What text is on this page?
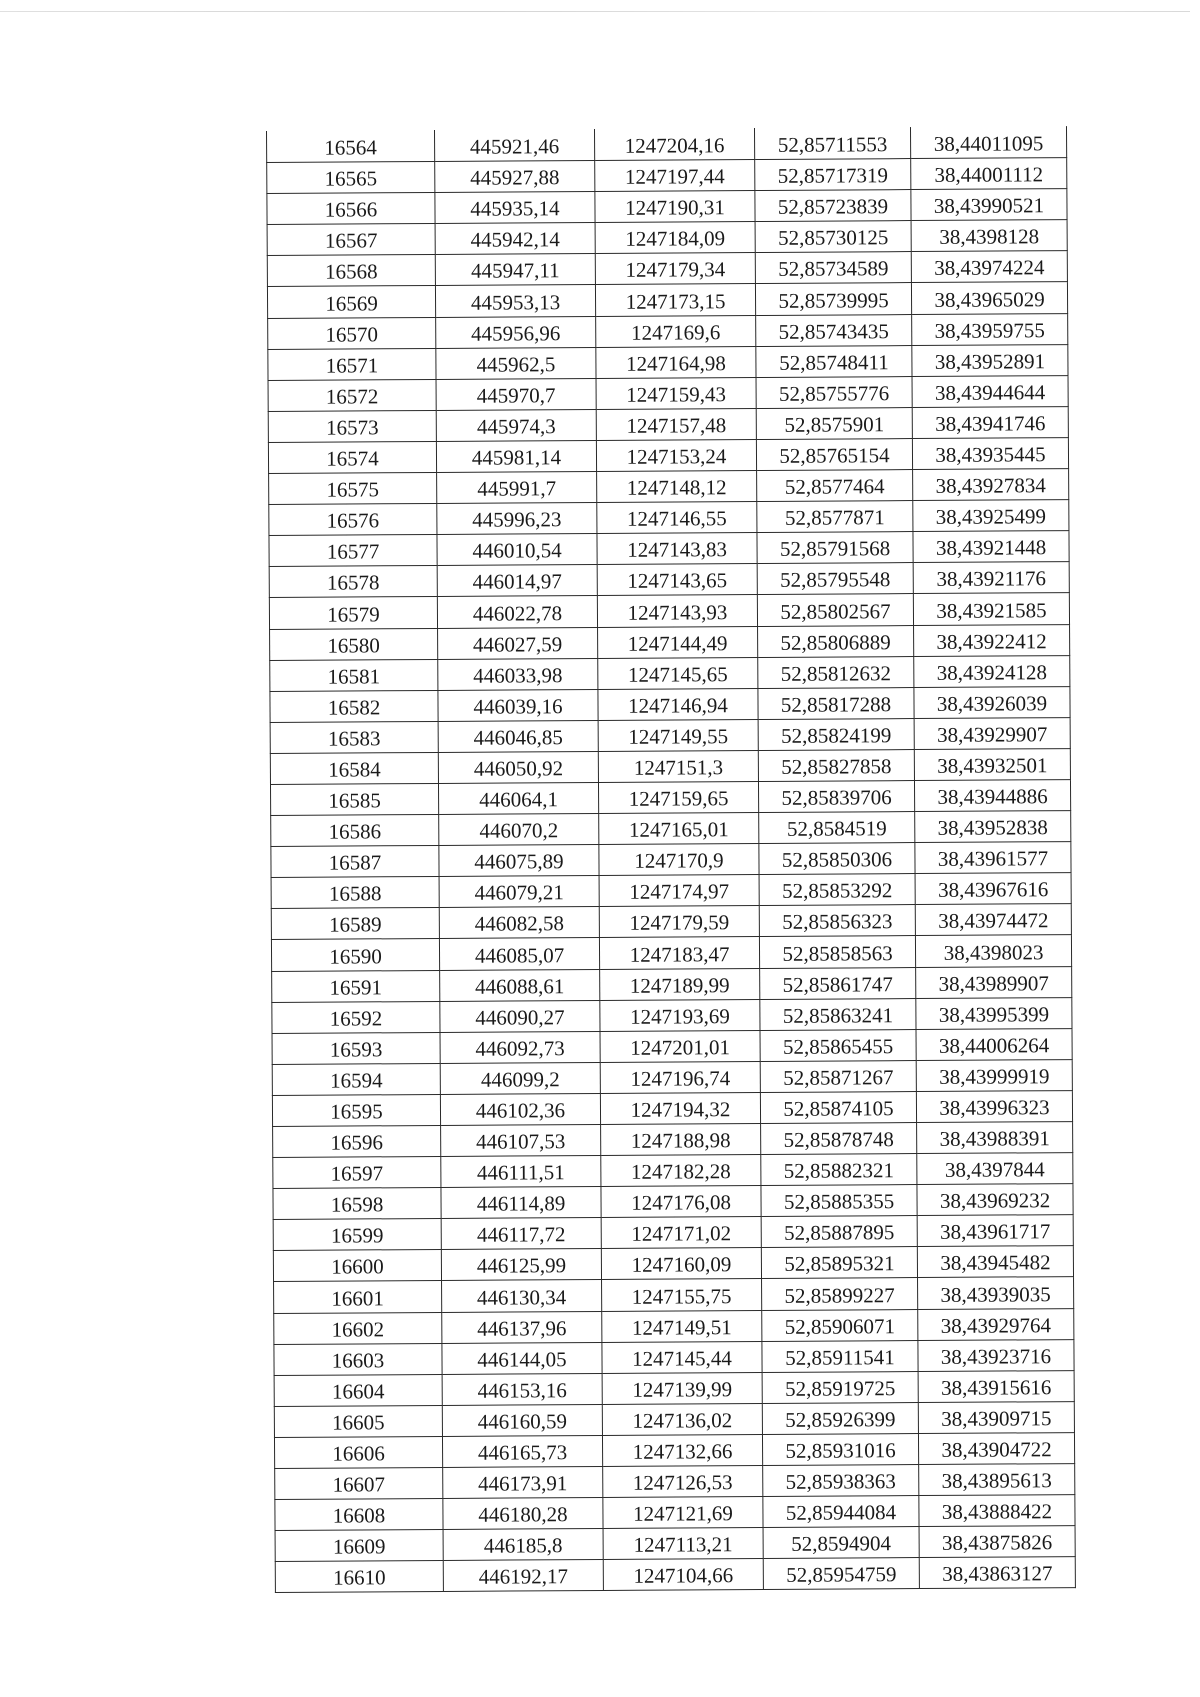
16564	445921,46	1247204,16	52,85711553	38,44011095
16565	445927,88	1247197,44	52,85717319	38,44001112
16566	445935,14	1247190,31	52,85723839	38,43990521
16567	445942,14	1247184,09	52,85730125	38,4398128
16568	445947,11	1247179,34	52,85734589	38,43974224
16569	445953,13	1247173,15	52,85739995	38,43965029
16570	445956,96	1247169,6	52,85743435	38,43959755
16571	445962,5	1247164,98	52,85748411	38,43952891
16572	445970,7	1247159,43	52,85755776	38,43944644
16573	445974,3	1247157,48	52,8575901	38,43941746
16574	445981,14	1247153,24	52,85765154	38,43935445
16575	445991,7	1247148,12	52,8577464	38,43927834
16576	445996,23	1247146,55	52,8577871	38,43925499
16577	446010,54	1247143,83	52,85791568	38,43921448
16578	446014,97	1247143,65	52,85795548	38,43921176
16579	446022,78	1247143,93	52,85802567	38,43921585
16580	446027,59	1247144,49	52,85806889	38,43922412
16581	446033,98	1247145,65	52,85812632	38,43924128
16582	446039,16	1247146,94	52,85817288	38,43926039
16583	446046,85	1247149,55	52,85824199	38,43929907
16584	446050,92	1247151,3	52,85827858	38,43932501
16585	446064,1	1247159,65	52,85839706	38,43944886
16586	446070,2	1247165,01	52,8584519	38,43952838
16587	446075,89	1247170,9	52,85850306	38,43961577
16588	446079,21	1247174,97	52,85853292	38,43967616
16589	446082,58	1247179,59	52,85856323	38,43974472
16590	446085,07	1247183,47	52,85858563	38,4398023
16591	446088,61	1247189,99	52,85861747	38,43989907
16592	446090,27	1247193,69	52,85863241	38,43995399
16593	446092,73	1247201,01	52,85865455	38,44006264
16594	446099,2	1247196,74	52,85871267	38,43999919
16595	446102,36	1247194,32	52,85874105	38,43996323
16596	446107,53	1247188,98	52,85878748	38,43988391
16597	446111,51	1247182,28	52,85882321	38,4397844
16598	446114,89	1247176,08	52,85885355	38,43969232
16599	446117,72	1247171,02	52,85887895	38,43961717
16600	446125,99	1247160,09	52,85895321	38,43945482
16601	446130,34	1247155,75	52,85899227	38,43939035
16602	446137,96	1247149,51	52,85906071	38,43929764
16603	446144,05	1247145,44	52,85911541	38,43923716
16604	446153,16	1247139,99	52,85919725	38,43915616
16605	446160,59	1247136,02	52,85926399	38,43909715
16606	446165,73	1247132,66	52,85931016	38,43904722
16607	446173,91	1247126,53	52,85938363	38,43895613
16608	446180,28	1247121,69	52,85944084	38,43888422
16609	446185,8	1247113,21	52,8594904	38,43875826
16610	446192,17	1247104,66	52,85954759	38,43863127
